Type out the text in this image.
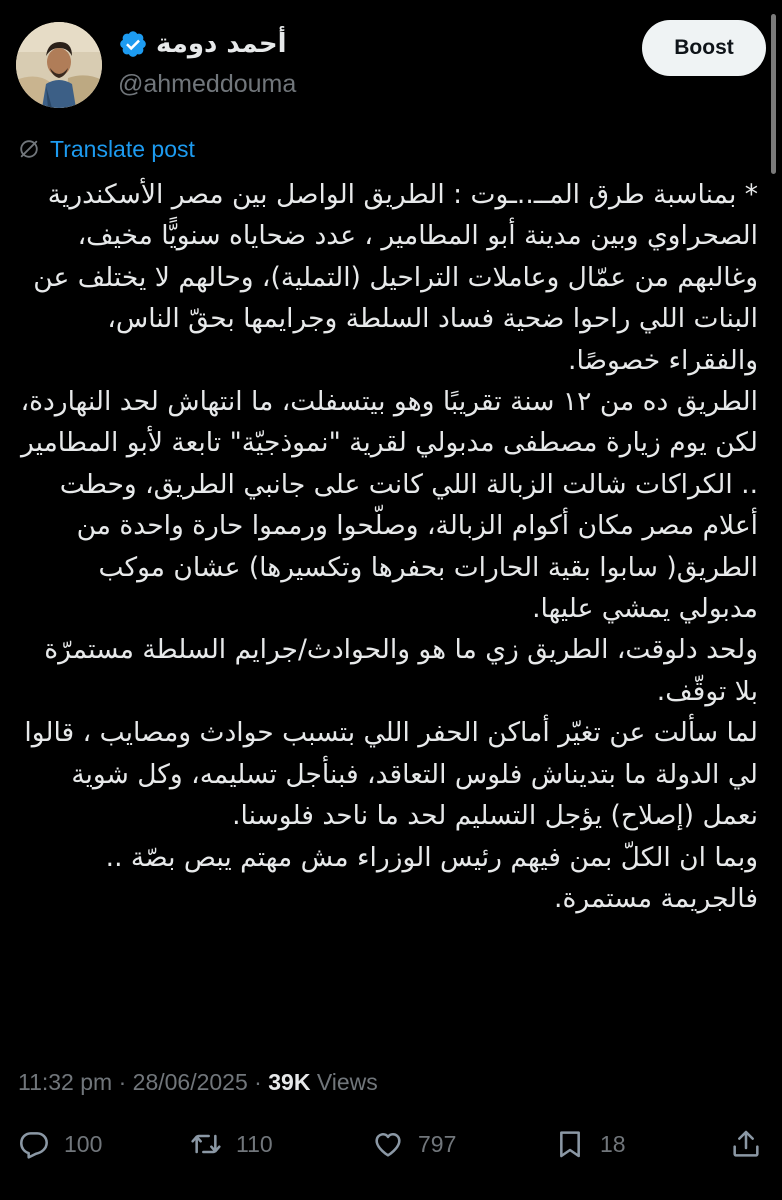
أحمد دومة
@ahmeddouma
Boost
Translate post

* بمناسبة طرق المــ..ـوت : الطريق الواصل بين مصر الأسكندرية الصحراوي وبين مدينة أبو المطامير ، عدد ضحاياه سنويًّا مخيف، وغالبهم من عمّال وعاملات التراحيل (التملية)، وحالهم لا يختلف عن البنات اللي راحوا ضحية فساد السلطة وجرايمها بحقّ الناس، والفقراء خصوصًا.
الطريق ده من ١٢ سنة تقريبًا وهو بيتسفلت، ما انتهاش لحد النهاردة، لكن يوم زيارة مصطفى مدبولي لقرية "نموذجيّة" تابعة لأبو المطامير .. الكراكات شالت الزبالة اللي كانت على جانبي الطريق، وحطت أعلام مصر مكان أكوام الزبالة، وصلّحوا ورمموا حارة واحدة من الطريق( سابوا بقية الحارات بحفرها وتكسيرها) عشان موكب مدبولي يمشي عليها.
ولحد دلوقت، الطريق زي ما هو والحوادث/جرايم السلطة مستمرّة بلا توقّف.
لما سألت عن تغيّر أماكن الحفر اللي بتسبب حوادث ومصايب ، قالوا لي الدولة ما بتديناش فلوس التعاقد، فبنأجل تسليمه، وكل شوية نعمل (إصلاح) يؤجل التسليم لحد ما ناحد فلوسنا.
وبما ان الكلّ بمن فيهم رئيس الوزراء مش مهتم يبص بصّة .. فالجريمة مستمرة.

11:32 pm · 28/06/2025 · 39K Views
100	110	797	18
